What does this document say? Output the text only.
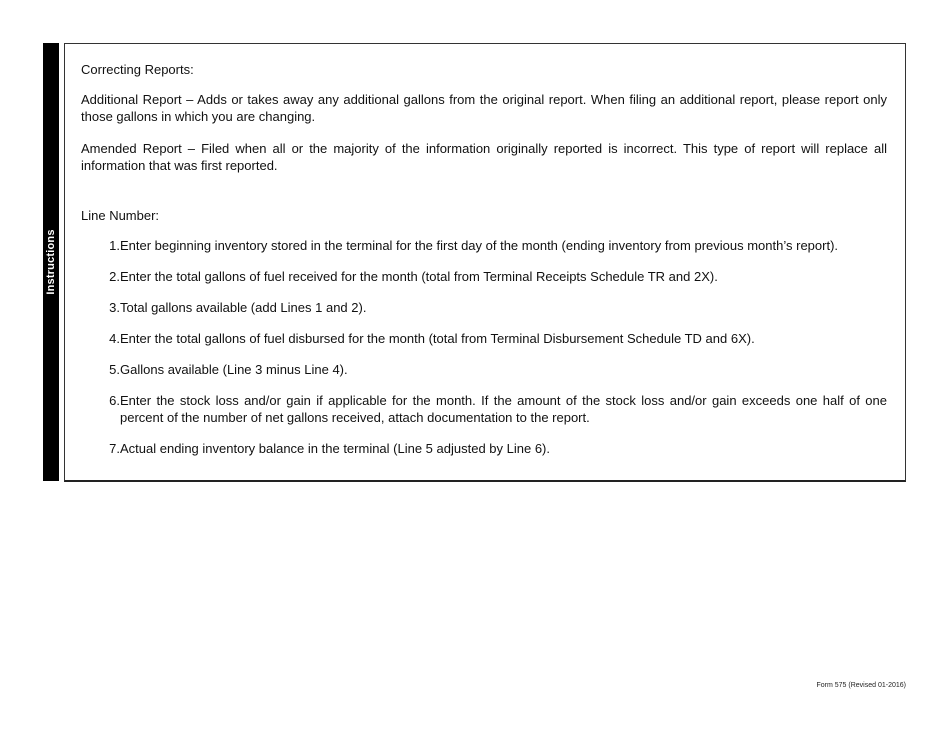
Instructions

Correcting Reports:

Additional Report – Adds or takes away any additional gallons from the original report. When filing an additional report, please report only those gallons in which you are changing.

Amended Report – Filed when all or the majority of the information originally reported is incorrect. This type of report will replace all information that was first reported.

Line Number:

1. Enter beginning inventory stored in the terminal for the first day of the month (ending inventory from previous month’s report).
2. Enter the total gallons of fuel received for the month (total from Terminal Receipts Schedule TR and 2X).
3. Total gallons available (add Lines 1 and 2).
4. Enter the total gallons of fuel disbursed for the month (total from Terminal Disbursement Schedule TD and 6X).
5. Gallons available (Line 3 minus Line 4).
6. Enter the stock loss and/or gain if applicable for the month. If the amount of the stock loss and/or gain exceeds one half of one percent of the number of net gallons received, attach documentation to the report.
7. Actual ending inventory balance in the terminal (Line 5 adjusted by Line 6).
Form 575 (Revised 01-2016)
